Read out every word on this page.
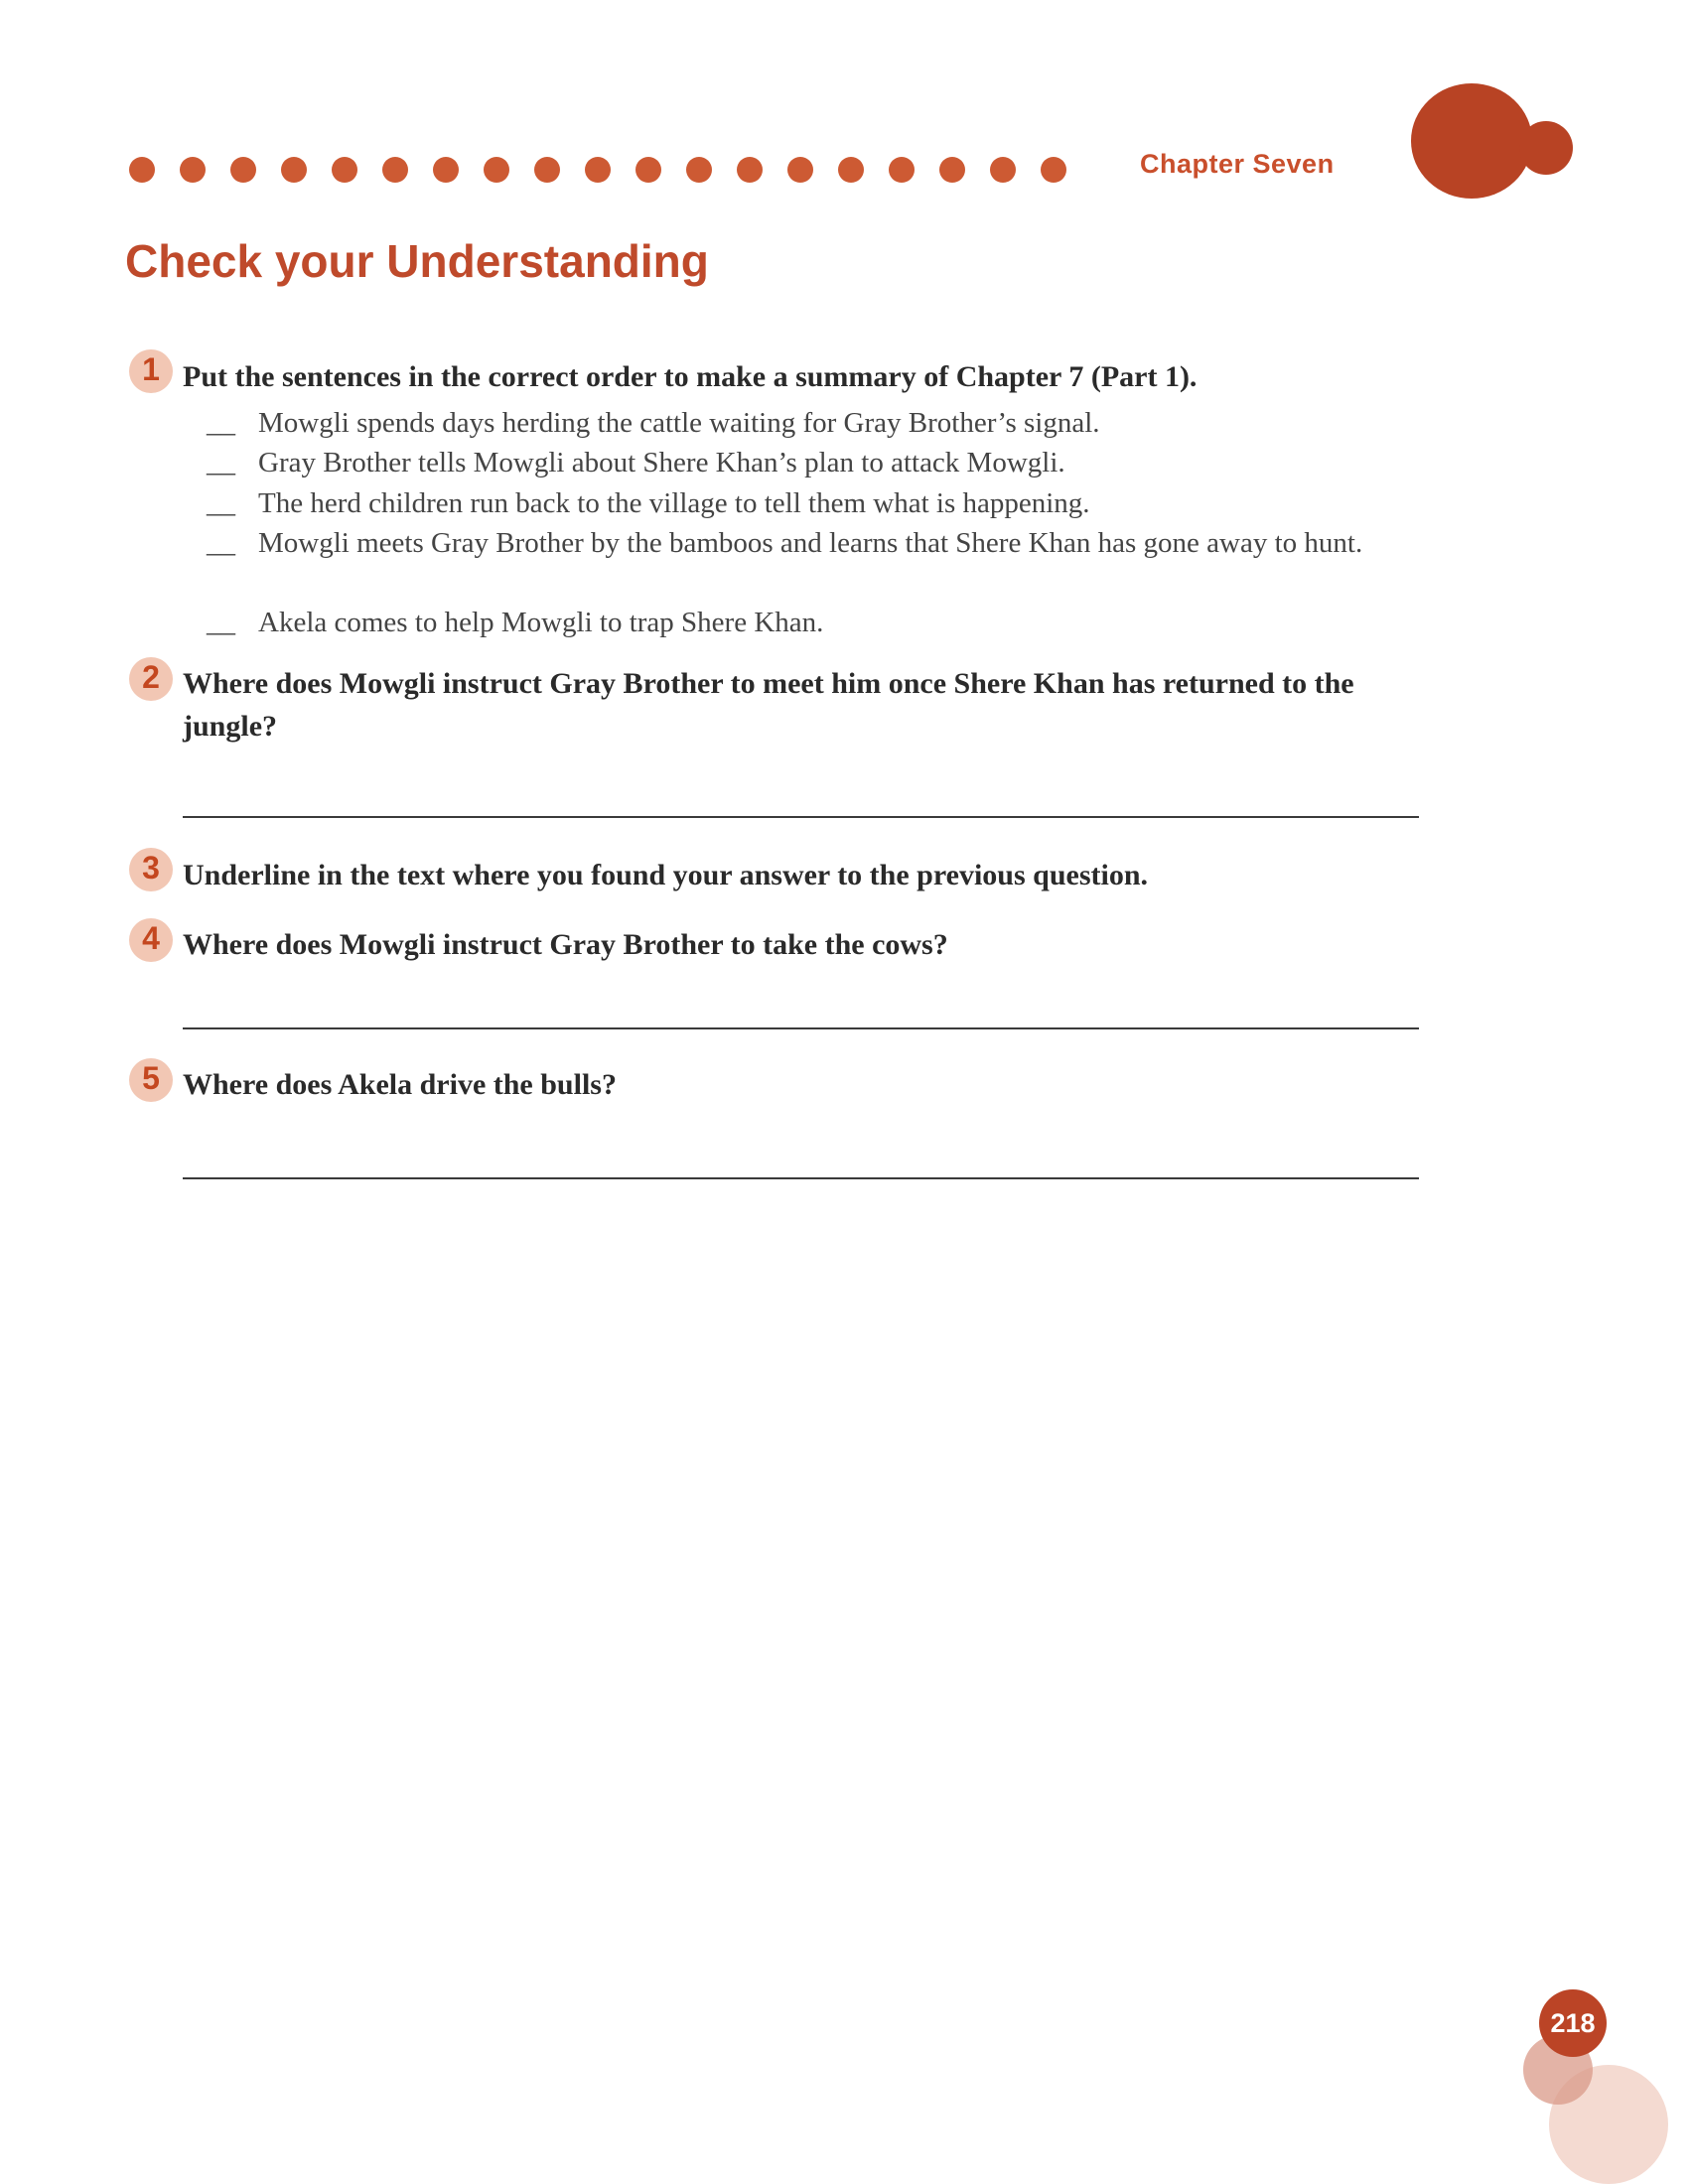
Chapter Seven
Check your Understanding
1 Put the sentences in the correct order to make a summary of Chapter 7 (Part 1).

__ Mowgli spends days herding the cattle waiting for Gray Brother’s signal.
__ Gray Brother tells Mowgli about Shere Khan’s plan to attack Mowgli.
__ The herd children run back to the village to tell them what is happening.
__ Mowgli meets Gray Brother by the bamboos and learns that Shere Khan has gone away to hunt.
__ Akela comes to help Mowgli to trap Shere Khan.
2 Where does Mowgli instruct Gray Brother to meet him once Shere Khan has returned to the jungle?

3 Underline in the text where you found your answer to the previous question.

4 Where does Mowgli instruct Gray Brother to take the cows?

5 Where does Akela drive the bulls?

218
